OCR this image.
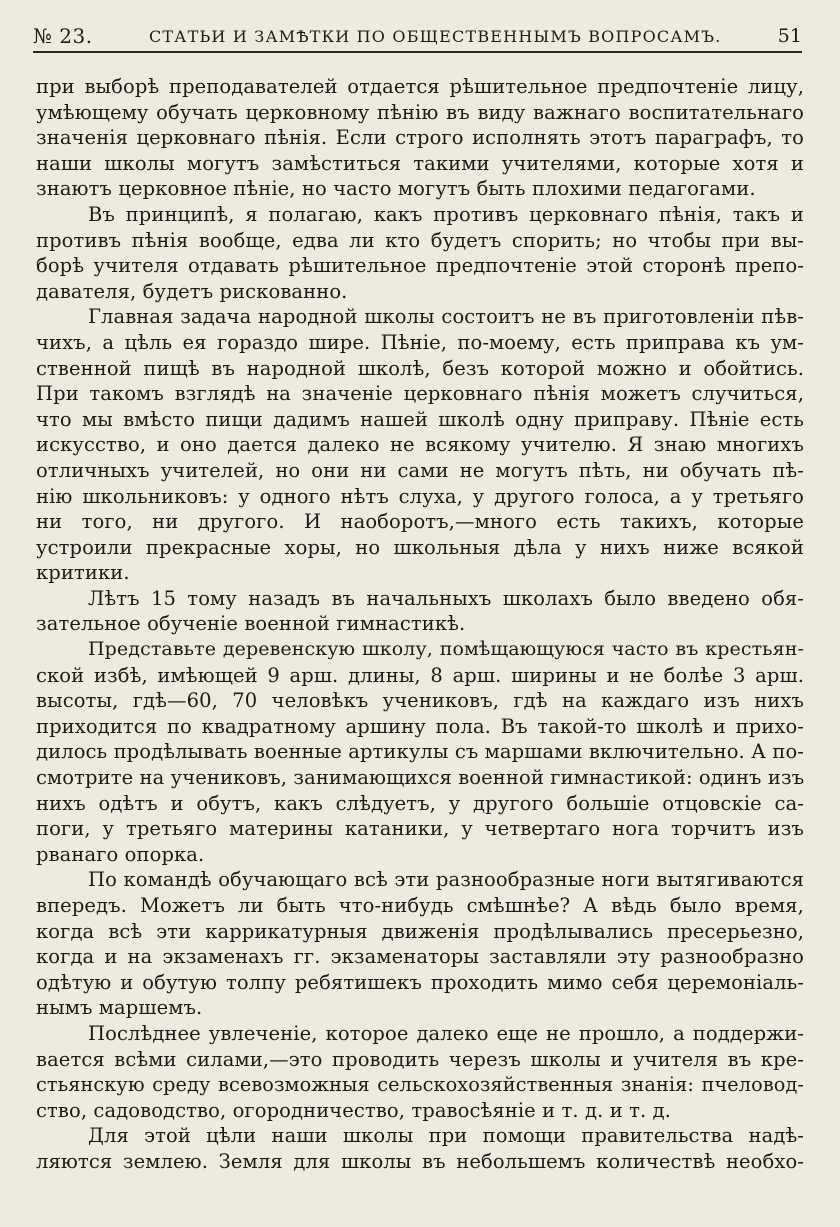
№ 23.	СТАТЬИ И ЗАМѢТКИ ПО ОБЩЕСТВЕННЫМЪ ВОПРОСАМЪ.	51
при выборѣ преподавателей отдается рѣшительное предпочтенiе лицу,
умѣющему обучать церковному пѣнiю въ виду важнаго воспитательнаго
значенiя церковнаго пѣнiя. Если строго исполнять этотъ параграфъ, то
наши школы могутъ замѣститься такими учителями, которые хотя и
знаютъ церковное пѣнiе, но часто могутъ быть плохими педагогами.
Въ принципѣ, я полагаю, какъ противъ церковнаго пѣнiя, такъ и
противъ пѣнiя вообще, едва ли кто будетъ спорить; но чтобы при вы-
борѣ учителя отдавать рѣшительное предпочтенiе этой сторонѣ препо-
давателя, будетъ рискованно.
Главная задача народной школы состоитъ не въ приготовленiи пѣв-
чихъ, а цѣль ея гораздо шире. Пѣнiе, по-моему, есть приправа къ ум-
ственной пищѣ въ народной школѣ, безъ которой можно и обойтись.
При такомъ взглядѣ на значенiе церковнаго пѣнiя можетъ случиться,
что мы вмѣсто пищи дадимъ нашей школѣ одну приправу. Пѣнiе есть
искусство, и оно дается далеко не всякому учителю. Я знаю многихъ
отличныхъ учителей, но они ни сами не могутъ пѣть, ни обучать пѣ-
нiю школьниковъ: у одного нѣтъ слуха, у другого голоса, а у третьяго
ни того, ни другого. И наоборотъ,—много есть такихъ, которые
устроили прекрасные хоры, но школьныя дѣла у нихъ ниже всякой
критики.
Лѣтъ 15 тому назадъ въ начальныхъ школахъ было введено обя-
зательное обученiе военной гимнастикѣ.
Представьте деревенскую школу, помѣщающуюся часто въ крестьян-
ской избѣ, имѣющей 9 арш. длины, 8 арш. ширины и не болѣе 3 арш.
высоты, гдѣ—60, 70 человѣкъ учениковъ, гдѣ на каждаго изъ нихъ
приходится по квадратному аршину пола. Въ такой-то школѣ и прихо-
дилось продѣлывать военные артикулы съ маршами включительно. А по-
смотрите на учениковъ, занимающихся военной гимнастикой: одинъ изъ
нихъ одѣтъ и обутъ, какъ слѣдуетъ, у другого большiе отцовскiе са-
поги, у третьяго материны катаники, у четвертаго нога торчитъ изъ
рванаго опорка.
По командѣ обучающаго всѣ эти разнообразные ноги вытягиваются
впередъ. Можетъ ли быть что-нибудь смѣшнѣе? А вѣдь было время,
когда всѣ эти каррикатурныя движенiя продѣлывались пресерьезно,
когда и на экзаменахъ гг. экзаменаторы заставляли эту разнообразно
одѣтую и обутую толпу ребятишекъ проходить мимо себя церемонiаль-
нымъ маршемъ.
Послѣднее увлеченiе, которое далеко еще не прошло, а поддержи-
вается всѣми силами,—это проводить черезъ школы и учителя въ кре-
стьянскую среду всевозможныя сельскохозяйственныя знанiя: пчеловод-
ство, садоводство, огородничество, травосѣянiе и т. д. и т. д.
Для этой цѣли наши школы при помощи правительства надѣ-
ляются землею. Земля для школы въ небольшемъ количествѣ необхо-
